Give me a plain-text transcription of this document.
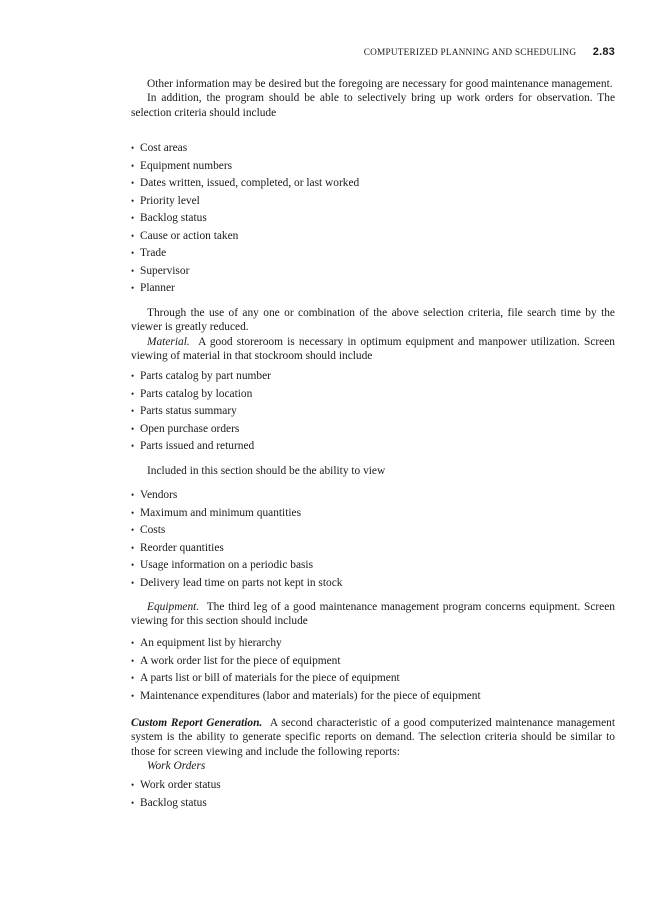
COMPUTERIZED PLANNING AND SCHEDULING 2.83

Other information may be desired but the foregoing are necessary for good maintenance management.

In addition, the program should be able to selectively bring up work orders for observation. The selection criteria should include

• Cost areas
• Equipment numbers
• Dates written, issued, completed, or last worked
• Priority level
• Backlog status
• Cause or action taken
• Trade
• Supervisor
• Planner

Through the use of any one or combination of the above selection criteria, file search time by the viewer is greatly reduced.

Material. A good storeroom is necessary in optimum equipment and manpower utilization. Screen viewing of material in that stockroom should include

• Parts catalog by part number
• Parts catalog by location
• Parts status summary
• Open purchase orders
• Parts issued and returned

Included in this section should be the ability to view

• Vendors
• Maximum and minimum quantities
• Costs
• Reorder quantities
• Usage information on a periodic basis
• Delivery lead time on parts not kept in stock

Equipment. The third leg of a good maintenance management program concerns equipment. Screen viewing for this section should include

• An equipment list by hierarchy
• A work order list for the piece of equipment
• A parts list or bill of materials for the piece of equipment
• Maintenance expenditures (labor and materials) for the piece of equipment

Custom Report Generation. A second characteristic of a good computerized maintenance management system is the ability to generate specific reports on demand. The selection criteria should be similar to those for screen viewing and include the following reports:

Work Orders

• Work order status
• Backlog status
